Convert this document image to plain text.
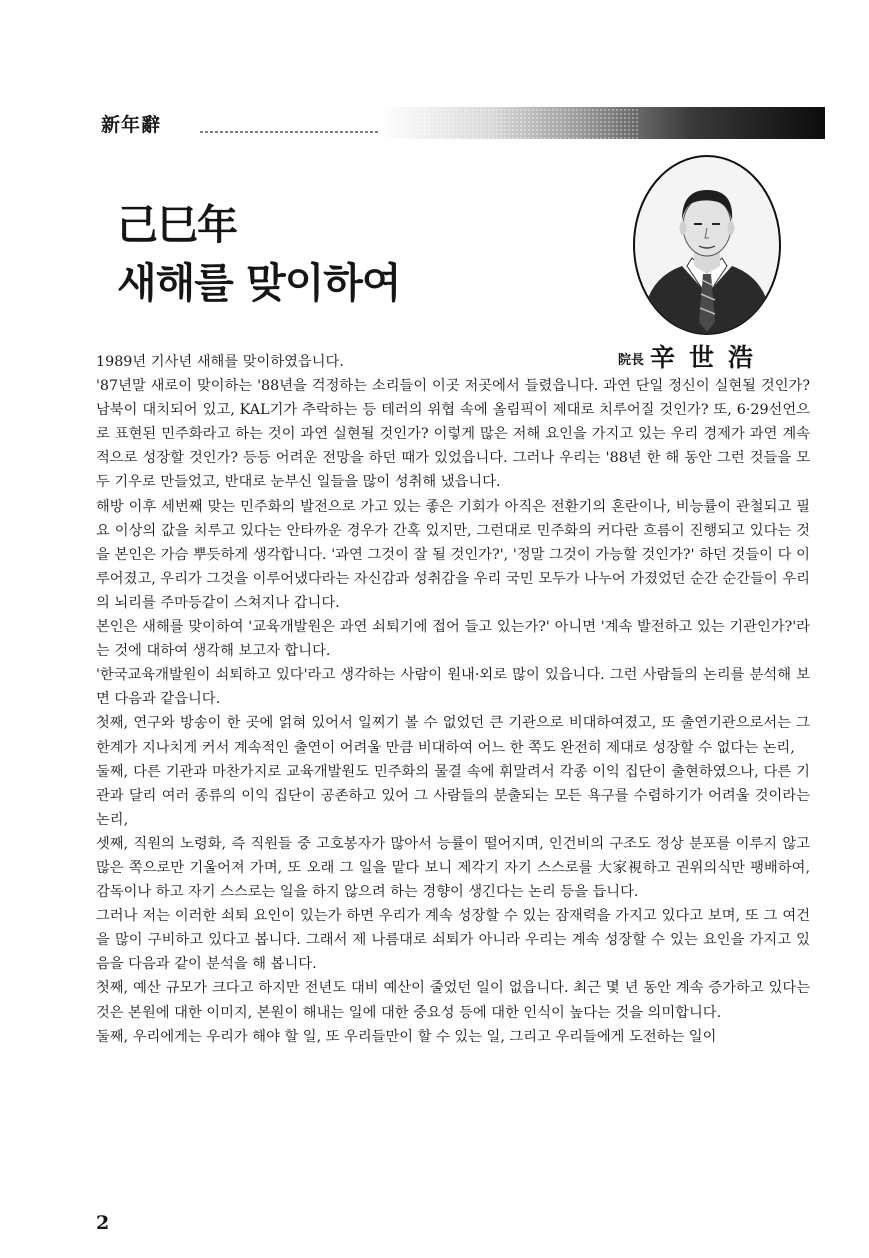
新年辭
己巳年
새해를 맞이하여
院長 辛世浩

1989년 기사년 새해를 맞이하였읍니다.

'87년말 새로이 맞이하는 '88년을 걱정하는 소리들이 이곳 저곳에서 들렸읍니다. 과연 단일 정신이 실현될 것인가? 남북이 대치되어 있고, KAL기가 추락하는 등 테러의 위협 속에 올림픽이 제대로 치루어질 것인가? 또, 6·29선언으로 표현된 민주화라고 하는 것이 과연 실현될 것인가? 이렇게 많은 저해 요인을 가지고 있는 우리 경제가 과연 계속적으로 성장할 것인가? 등등 어려운 전망을 하던 때가 있었읍니다. 그러나 우리는 '88년 한 해 동안 그런 것들을 모두 기우로 만들었고, 반대로 눈부신 일들을 많이 성취해 냈읍니다.

해방 이후 세번째 맞는 민주화의 발전으로 가고 있는 좋은 기회가 아직은 전환기의 혼란이나, 비능률이 관철되고 필요 이상의 값을 치루고 있다는 안타까운 경우가 간혹 있지만, 그런대로 민주화의 커다란 흐름이 진행되고 있다는 것을 본인은 가슴 뿌듯하게 생각합니다. '과연 그것이 잘 될 것인가?', '정말 그것이 가능할 것인가?' 하던 것들이 다 이루어졌고, 우리가 그것을 이루어냈다라는 자신감과 성취감을 우리 국민 모두가 나누어 가졌었던 순간 순간들이 우리의 뇌리를 주마등같이 스쳐지나 갑니다.

본인은 새해를 맞이하여 '교육개발원은 과연 쇠퇴기에 접어 들고 있는가?' 아니면 '계속 발전하고 있는 기관인가?'라는 것에 대하여 생각해 보고자 합니다.

'한국교육개발원이 쇠퇴하고 있다'라고 생각하는 사람이 원내·외로 많이 있읍니다. 그런 사람들의 논리를 분석해 보면 다음과 같읍니다.

첫째, 연구와 방송이 한 곳에 얽혀 있어서 일찌기 볼 수 없었던 큰 기관으로 비대하여졌고, 또 출연기관으로서는 그 한계가 지나치게 커서 계속적인 출연이 어려울 만큼 비대하여 어느 한 쪽도 완전히 제대로 성장할 수 없다는 논리,

둘째, 다른 기관과 마찬가지로 교육개발원도 민주화의 물결 속에 휘말려서 각종 이익 집단이 출현하였으나, 다른 기관과 달리 여러 종류의 이익 집단이 공존하고 있어 그 사람들의 분출되는 모든 욕구를 수렴하기가 어려울 것이라는 논리,

셋째, 직원의 노령화, 즉 직원들 중 고호봉자가 많아서 능률이 떨어지며, 인건비의 구조도 정상 분포를 이루지 않고 많은 쪽으로만 기울어져 가며, 또 오래 그 일을 맡다 보니 제각기 자기 스스로를 大家視하고 권위의식만 팽배하여, 감독이나 하고 자기 스스로는 일을 하지 않으려 하는 경향이 생긴다는 논리 등을 듭니다.

그러나 저는 이러한 쇠퇴 요인이 있는가 하면 우리가 계속 성장할 수 있는 잠재력을 가지고 있다고 보며, 또 그 여건을 많이 구비하고 있다고 봅니다. 그래서 제 나름대로 쇠퇴가 아니라 우리는 계속 성장할 수 있는 요인을 가지고 있음을 다음과 같이 분석을 해 봅니다.

첫째, 예산 규모가 크다고 하지만 전년도 대비 예산이 줄었던 일이 없읍니다. 최근 몇 년 동안 계속 증가하고 있다는 것은 본원에 대한 이미지, 본원이 해내는 일에 대한 중요성 등에 대한 인식이 높다는 것을 의미합니다.

둘째, 우리에게는 우리가 해야 할 일, 또 우리들만이 할 수 있는 일, 그리고 우리들에게 도전하는 일이

2
